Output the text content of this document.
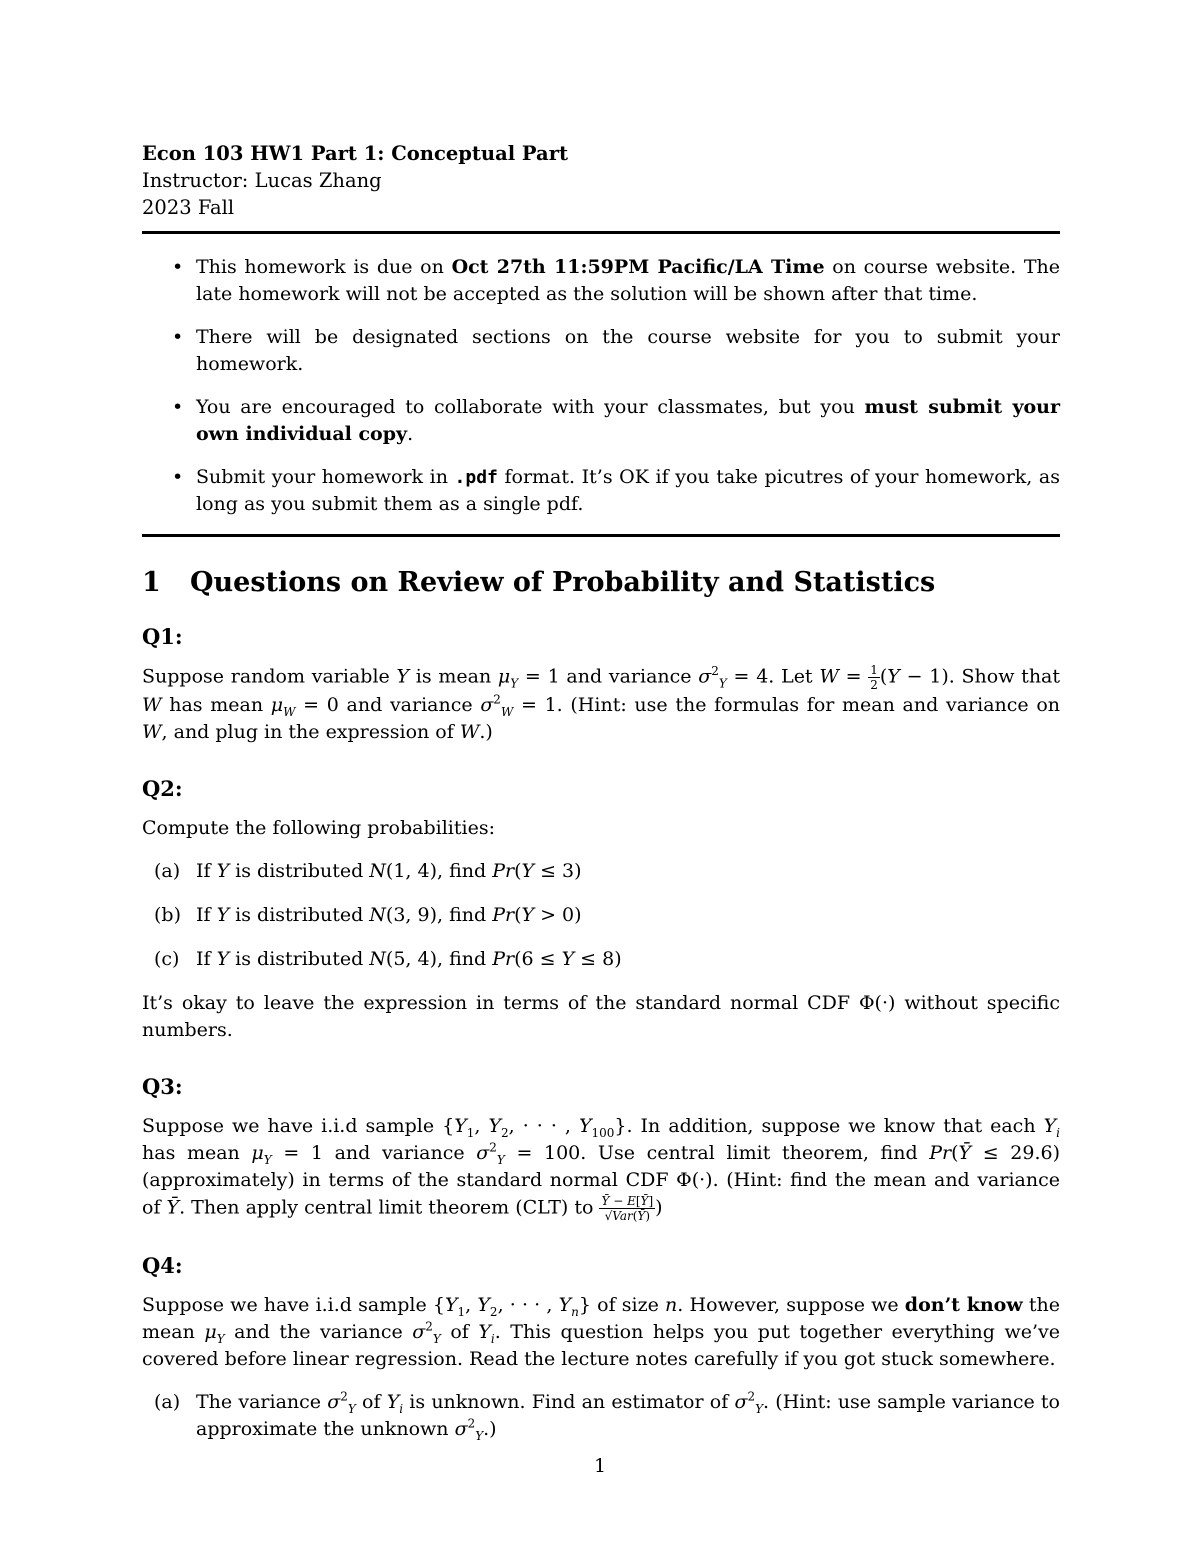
Econ 103 HW1 Part 1: Conceptual Part
Instructor: Lucas Zhang
2023 Fall
• This homework is due on Oct 27th 11:59PM Pacific/LA Time on course website. The late homework will not be accepted as the solution will be shown after that time.
• There will be designated sections on the course website for you to submit your homework.
• You are encouraged to collaborate with your classmates, but you must submit your own individual copy.
• Submit your homework in .pdf format. It’s OK if you take picutres of your homework, as long as you submit them as a single pdf.
1	Questions on Review of Probability and Statistics
Q1:

Suppose random variable Y is mean $\mu_Y = 1$ and variance $\sigma^2_Y = 4$. Let $W = \frac{1}{2} (Y - 1)$. Show that W has mean $\mu_W = 0$ and variance $\sigma^2_W = 1$. (Hint: use the formulas for mean and variance on W, and plug in the expression of W.)

Q2:

Compute the following probabilities:

(a) If Y is distributed N(1, 4), find Pr(Y ≤ 3)
(b) If Y is distributed N(3, 9), find Pr(Y > 0)
(c) If Y is distributed N(5, 4), find Pr(6 ≤ Y ≤ 8)

It’s okay to leave the expression in terms of the standard normal CDF Φ(·) without specific numbers.

Q3:

Suppose we have i.i.d sample {$Y_1$, $Y_2$, · · · , $Y_{100}$}. In addition, suppose we know that each $Y_i$ has mean $\mu_Y = 1$ and variance $\sigma^2_Y = 100$. Use central limit theorem, find Pr(Ȳ ≤ 29.6) (approximately) in terms of the standard normal CDF Φ(·). (Hint: find the mean and variance of Ȳ. Then apply central limit theorem (CLT) to $\frac{Ȳ - E[Ȳ]}{\text{√Var(Ȳ)}}$ )

Q4:

Suppose we have i.i.d sample {$Y_1$, $Y_2$, · · · , $Y_n$} of size n. However, suppose we don’t know the mean $\mu_Y$ and the variance $\sigma^2_Y$ of $Y_i$. This question helps you put together everything we’ve covered before linear regression. Read the lecture notes carefully if you got stuck somewhere.

(a) The variance $\sigma^2_Y$ of $Y_i$ is unknown. Find an estimator of $\sigma^2_Y$. (Hint: use sample variance to approximate the unknown $\sigma^2_Y$.)
1
